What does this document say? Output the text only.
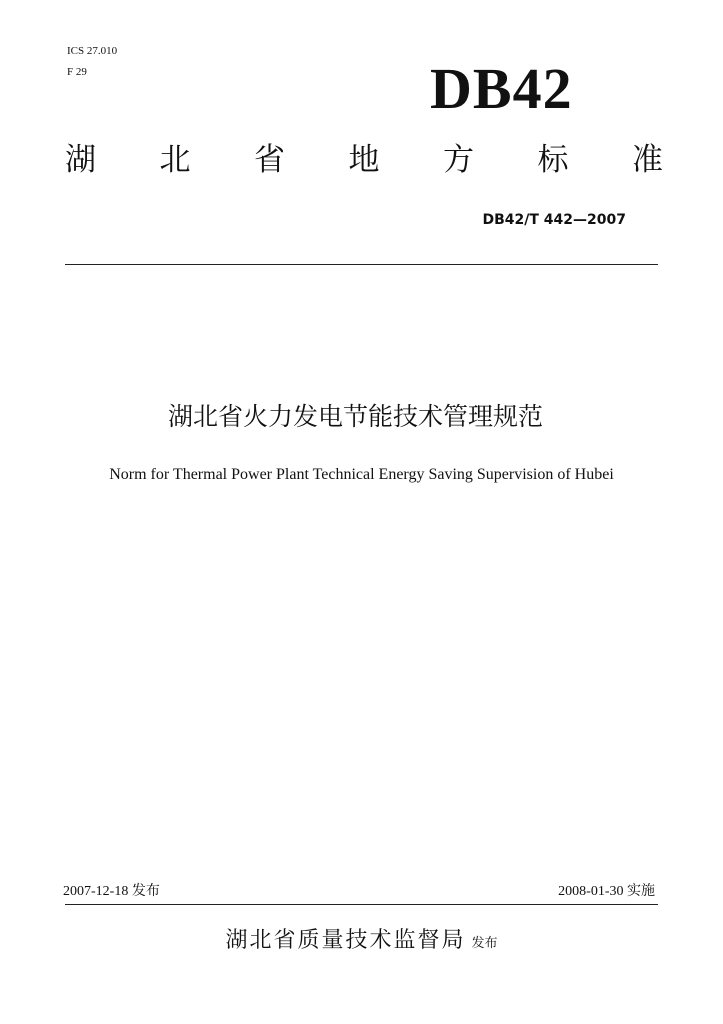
ICS 27.010
F 29	DB42
湖 北 省 地 方 标 准
DB42/T 442—2007
湖北省火力发电节能技术管理规范
Norm for Thermal Power Plant Technical Energy Saving Supervision of Hubei
2007-12-18 发布	2008-01-30 实施
湖北省质量技术监督局 发布
